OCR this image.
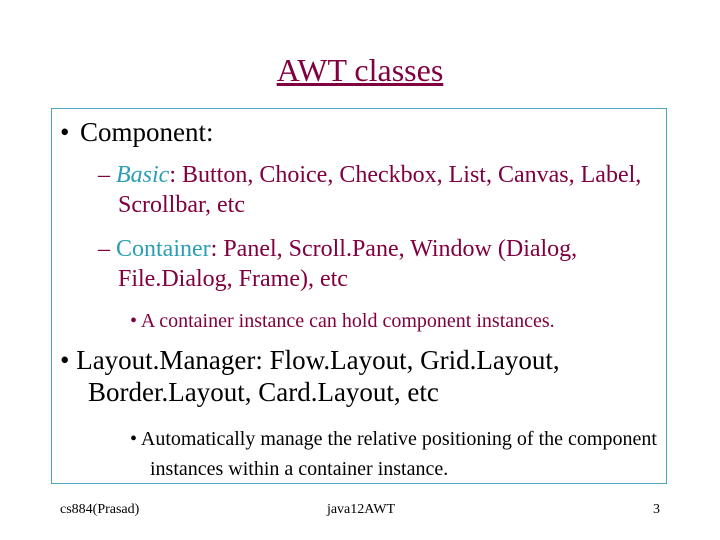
AWT classes
• Component:
– Basic: Button, Choice, Checkbox, List, Canvas, Label, Scrollbar, etc
– Container: Panel, Scroll.Pane, Window (Dialog, File.Dialog, Frame), etc
• A container instance can hold component instances.
• Layout.Manager: Flow.Layout, Grid.Layout, Border.Layout, Card.Layout, etc
• Automatically manage the relative positioning of the component instances within a container instance.
cs884(Prasad)	java12AWT	3
